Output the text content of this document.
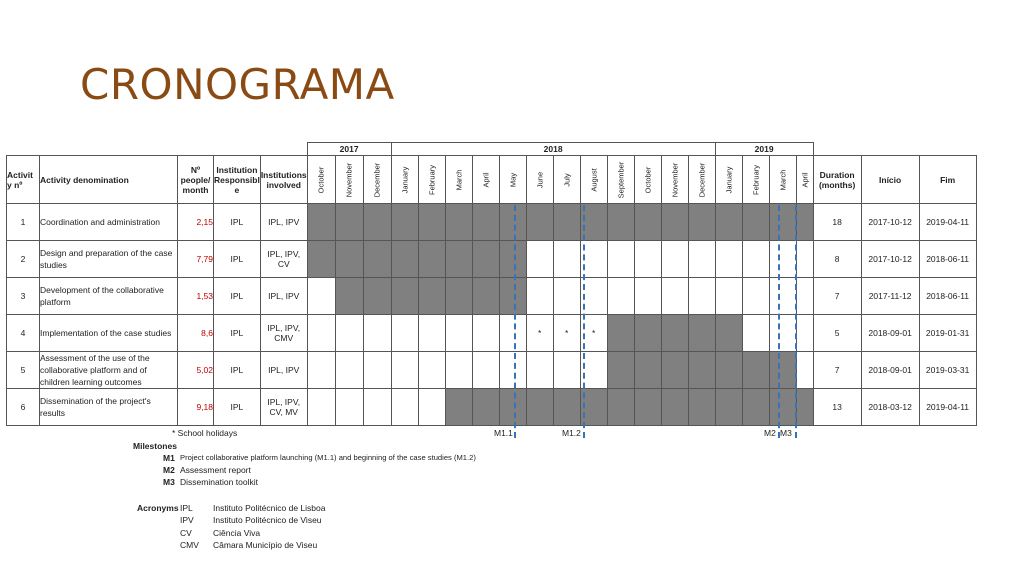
CRONOGRAMA
					2017			2018												2019						
Activit y nº	Activity denomination	Nº people/ month	Institution Responsibl e	Institutions involved	October	November	December	January	February	March	April	May	June	July	August	September	October	November	December	January	February	March	April	Duration (months)	Início	Fim
1	Coordination and administration	2,15	IPL	IPL, IPV																				18	2017-10-12	2019-04-11
2	Design and preparation of the case studies	7,79	IPL	IPL, IPV, CV																				8	2017-10-12	2018-06-11
3	Development of the collaborative platform	1,53	IPL	IPL, IPV																				7	2017-11-12	2018-06-11
4	Implementation of the case studies	8,6	IPL	IPL, IPV, CMV									*	*	*									5	2018-09-01	2019-01-31
5	Assessment of the use of the collaborative platform and of children learning outcomes	5,02	IPL	IPL, IPV																				7	2018-09-01	2019-03-31
6	Dissemination of the project's results	9,18	IPL	IPL, IPV, CV, MV																				13	2018-03-12	2019-04-11
M1.1	M1.2	M2 M3
* School holidays
Milestones
M1 Project collaborative platform launching (M1.1) and beginning of the case studies (M1.2)
M2 Assessment report
M3 Dissemination toolkit
Acronyms IPL Instituto Politécnico de Lisboa
IPV Instituto Politécnico de Viseu
CV Ciência Viva
CMV Câmara Município de Viseu
